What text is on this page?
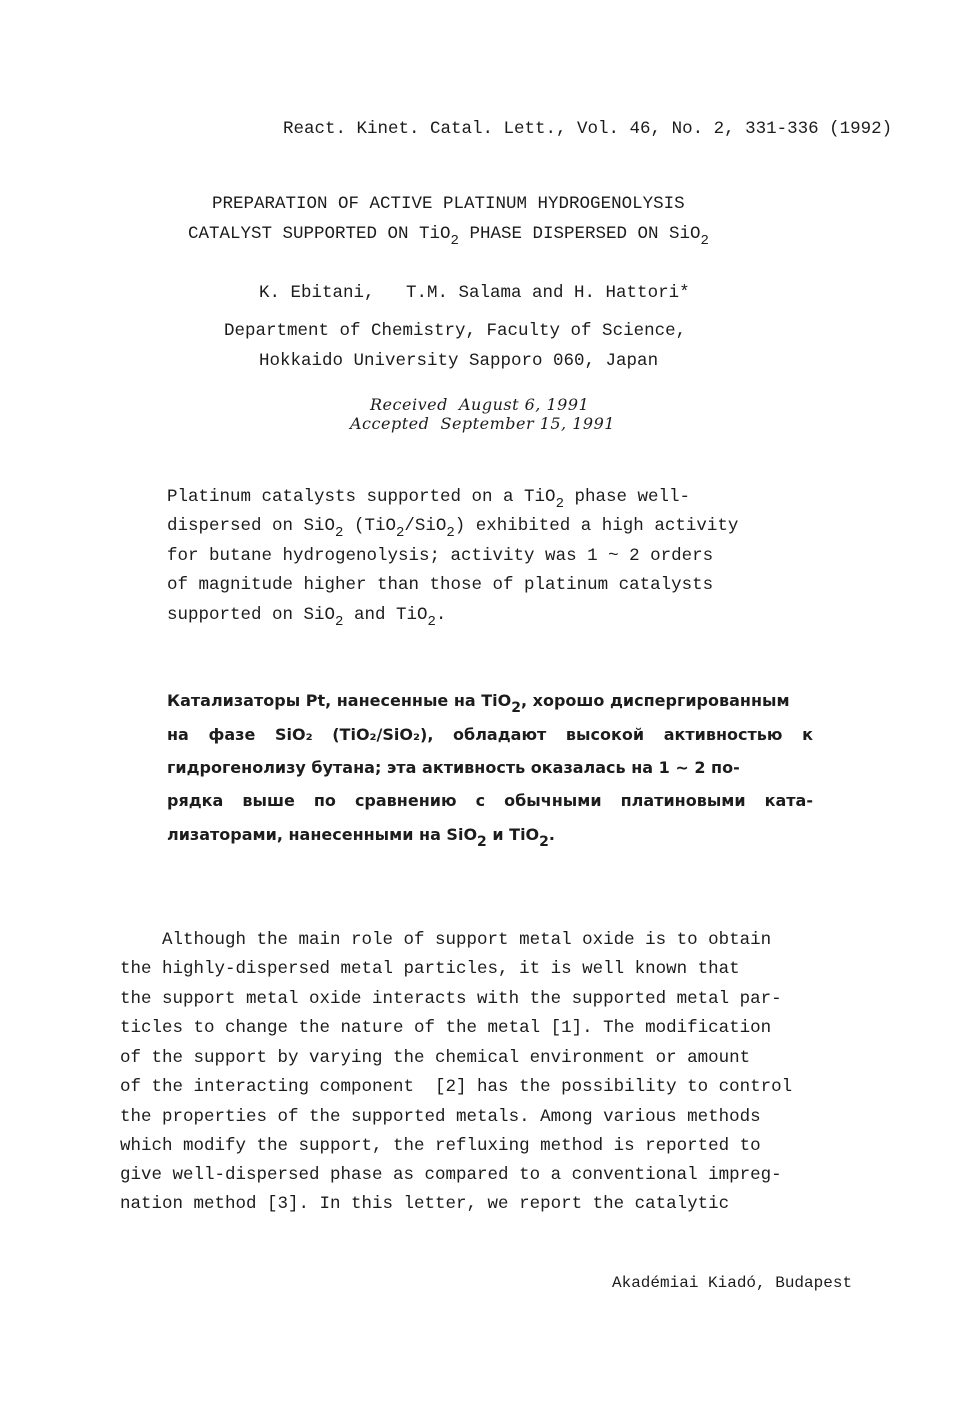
React. Kinet. Catal. Lett., Vol. 46, No. 2, 331-336 (1992)
PREPARATION OF ACTIVE PLATINUM HYDROGENOLYSIS
CATALYST SUPPORTED ON TiO$_2$ PHASE DISPERSED ON SiO$_2$
K. Ebitani,   T.M. Salama and H. Hattori*
Department of Chemistry, Faculty of Science,
Hokkaido University Sapporo 060, Japan
Received  August 6, 1991
Accepted  September 15, 1991
Platinum catalysts supported on a TiO$_2$ phase well-
dispersed on SiO$_2$ (TiO$_2$/SiO$_2$) exhibited a high activity
for butane hydrogenolysis; activity was 1 ~ 2 orders
of magnitude higher than those of platinum catalysts
supported on SiO$_2$ and TiO$_2$.
Катализаторы Pt, нанесенные на TiO2, хорошо диспергированным
на фазе SiO₂ (TiO₂/SiO₂), обладают высокой активностью к
гидрогенолизу бутана; эта активность оказалась на 1 ~ 2 по-
рядка выше по сравнению с обычными платиновыми ката-
лизаторами, нанесенными на SiO2 и TiO2.
Although the main role of support metal oxide is to obtain
the highly-dispersed metal particles, it is well known that
the support metal oxide interacts with the supported metal par-
ticles to change the nature of the metal [1]. The modification
of the support by varying the chemical environment or amount
of the interacting component  [2] has the possibility to control
the properties of the supported metals. Among various methods
which modify the support, the refluxing method is reported to
give well-dispersed phase as compared to a conventional impreg-
nation method [3]. In this letter, we report the catalytic
Akadémiai Kiadó, Budapest
